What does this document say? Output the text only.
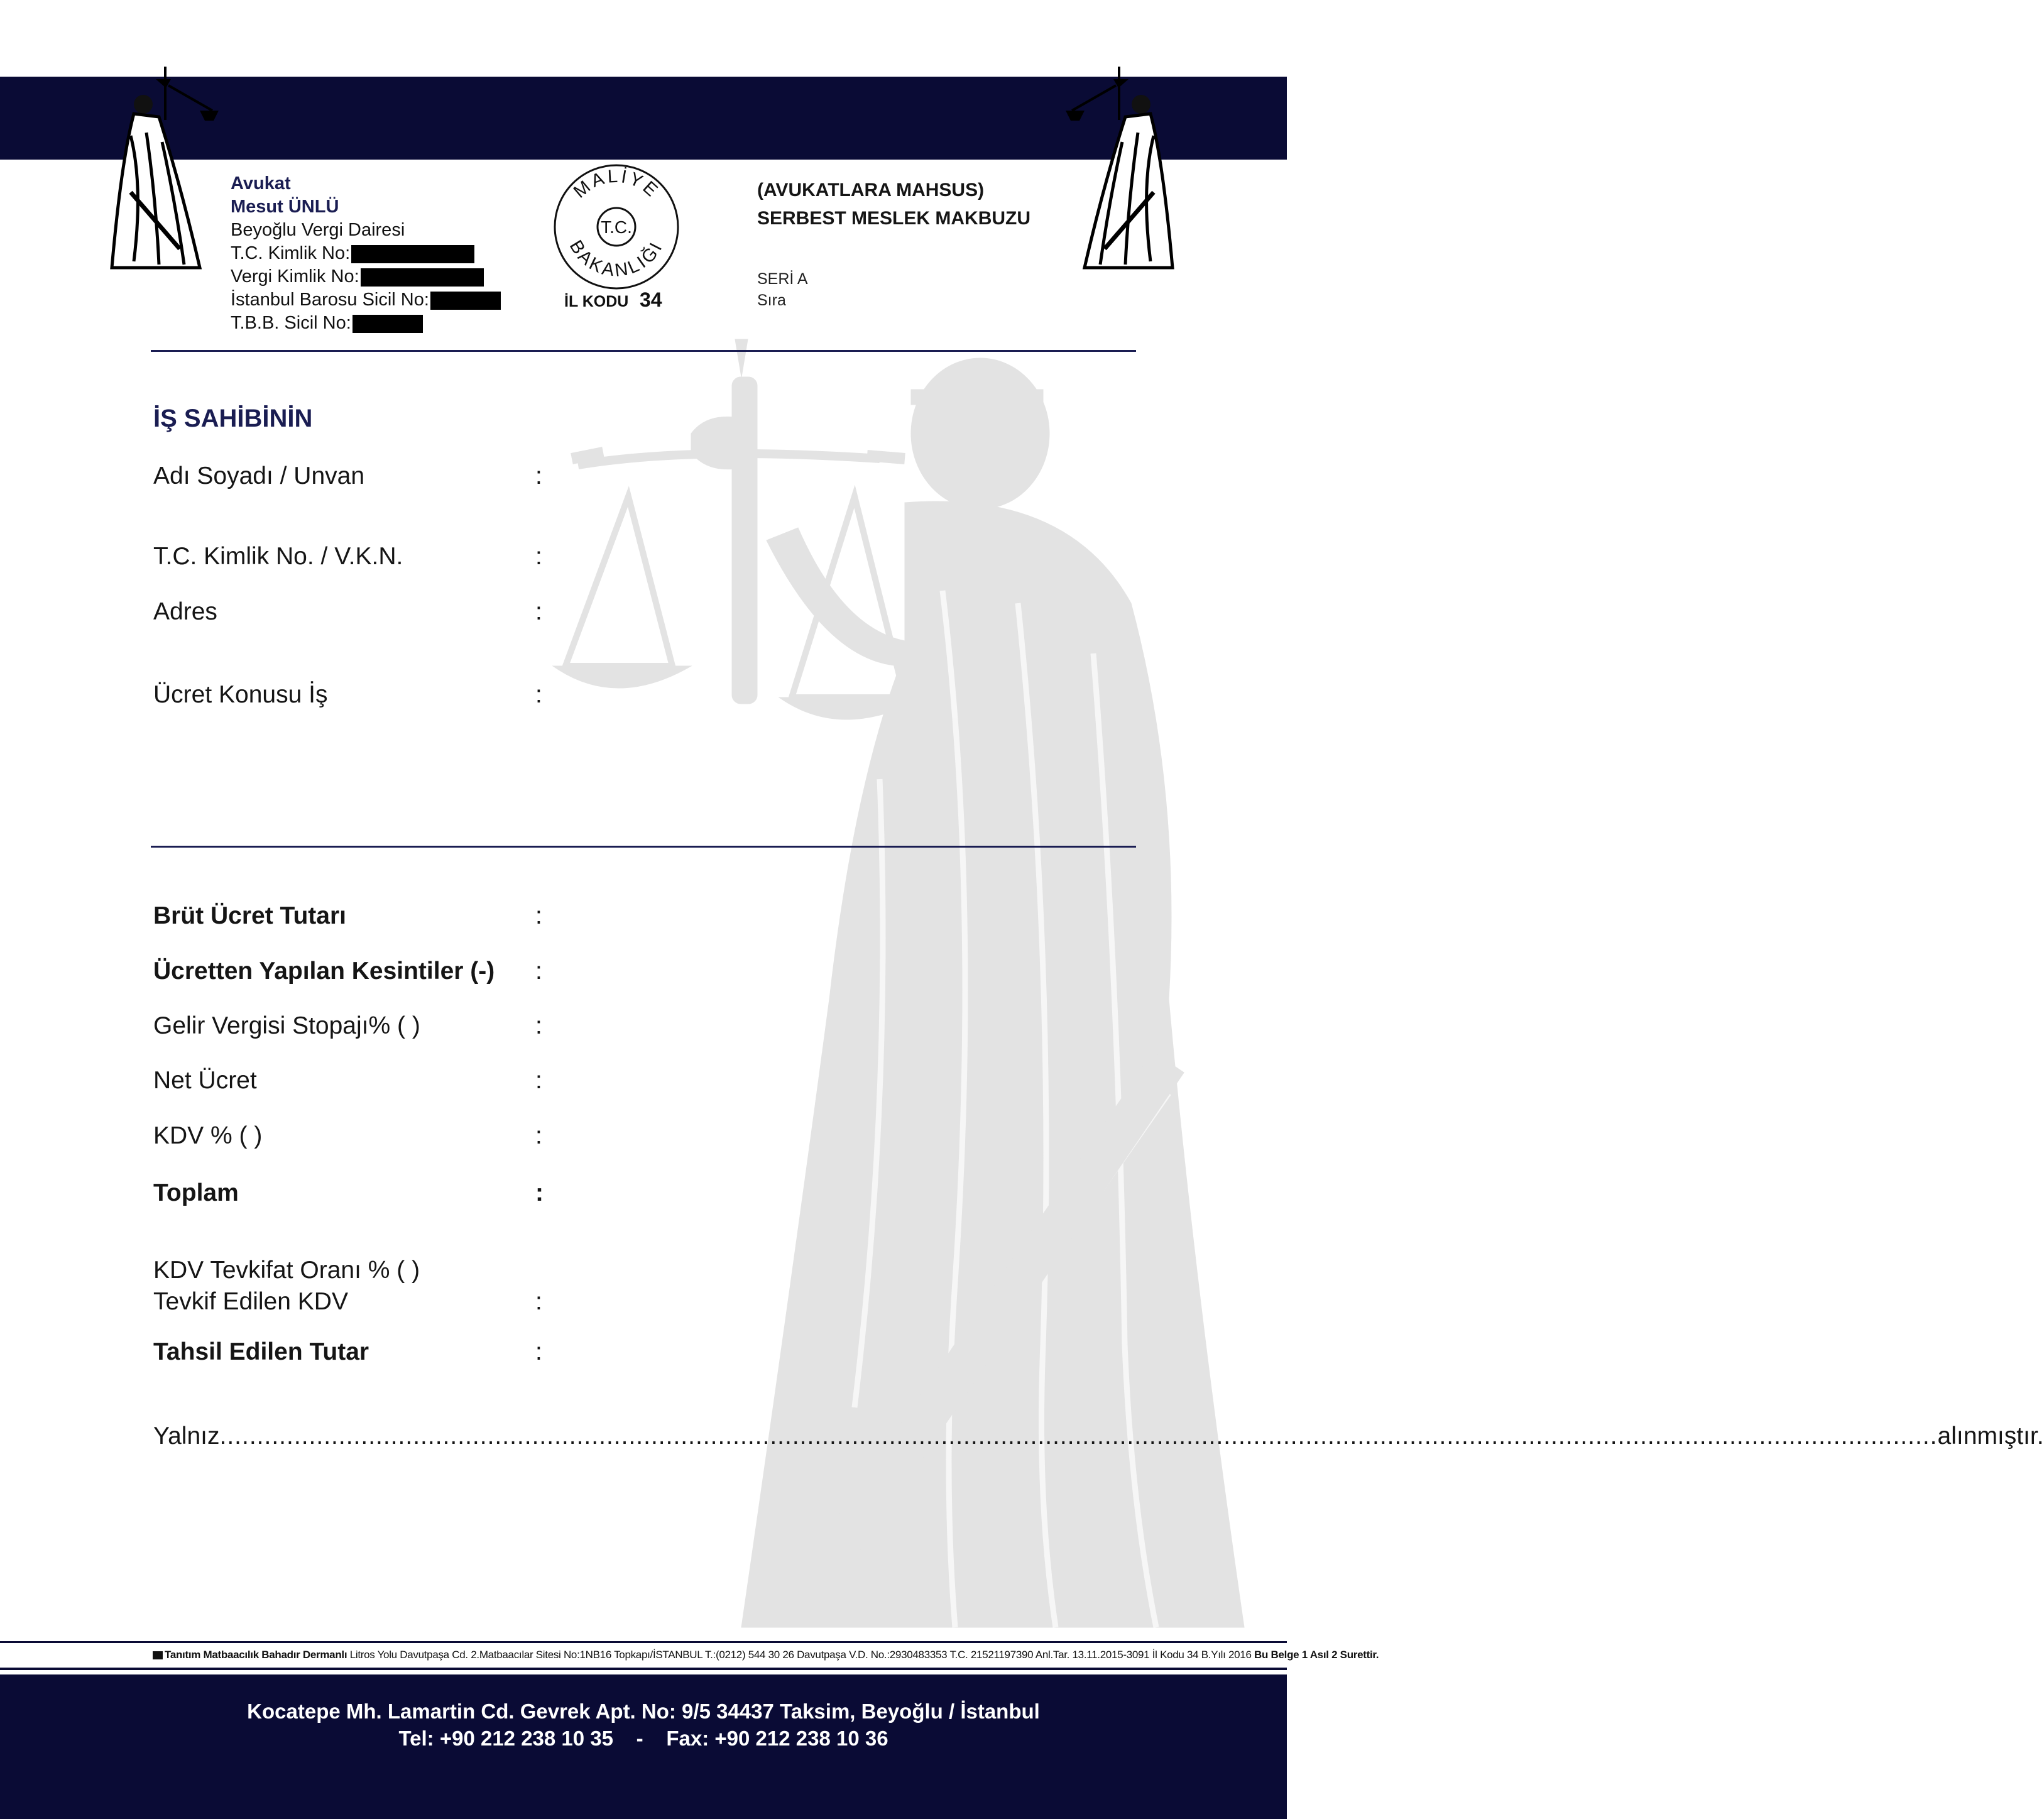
Avukat
Mesut ÜNLÜ
Beyoğlu Vergi Dairesi
T.C. Kimlik No:
Vergi Kimlik No:
İstanbul Barosu Sicil No:
T.B.B. Sicil No:
MALİYE
BAKANLIĞI
T.C.
İL KODU 34
(AVUKATLARA MAHSUS)
SERBEST MESLEK MAKBUZU
SERİ A
Sıra
İŞ SAHİBİNİN
Adı Soyadı / Unvan	:
T.C. Kimlik No. / V.K.N.	:
Adres	:
Ücret Konusu İş	:
Brüt Ücret Tutarı	:
Ücretten Yapılan Kesintiler (-) :
Gelir Vergisi Stopajı% ( )	:
Net Ücret	:
KDV % ( )	:
Toplam	:
KDV Tevkifat Oranı % ( )
Tevkif Edilen KDV	:
Tahsil Edilen Tutar	:
Yalnız ....................................................................................................................................................................................................................................... alınmıştır.
Tanıtım Matbaacılık Bahadır Dermanlı Litros Yolu Davutpaşa Cd. 2.Matbaacılar Sitesi No:1NB16 Topkapı/İSTANBUL T.:(0212) 544 30 26 Davutpaşa V.D. No.:2930483353 T.C. 21521197390 Anl.Tar. 13.11.2015-3091 İl Kodu 34 B.Yılı 2016 Bu Belge 1 Asıl 2 Surettir.
Kocatepe Mh. Lamartin Cd. Gevrek Apt. No: 9/5 34437 Taksim, Beyoğlu / İstanbul
Tel: +90 212 238 10 35    -    Fax: +90 212 238 10 36
